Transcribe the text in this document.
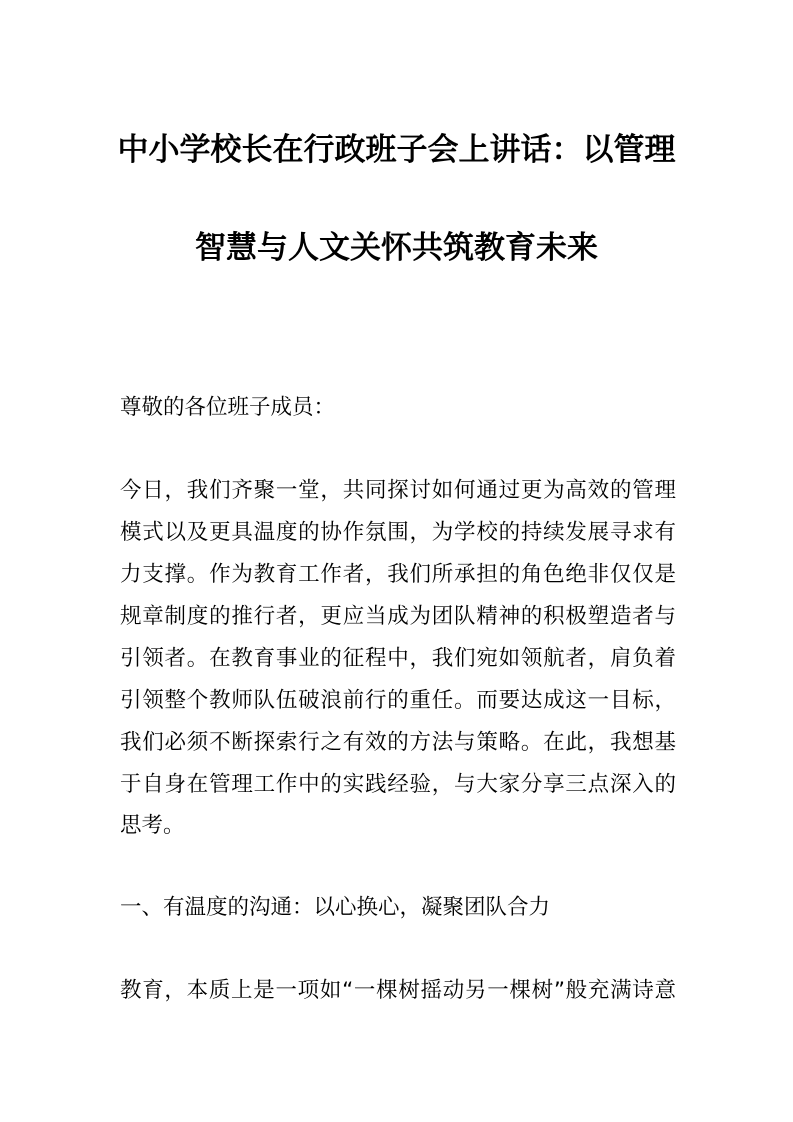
中小学校长在行政班子会上讲话：以管理
智慧与人文关怀共筑教育未来
尊敬的各位班子成员：
今日，我们齐聚一堂，共同探讨如何通过更为高效的管理
模式以及更具温度的协作氛围，为学校的持续发展寻求有
力支撑。作为教育工作者，我们所承担的角色绝非仅仅是
规章制度的推行者，更应当成为团队精神的积极塑造者与
引领者。在教育事业的征程中，我们宛如领航者，肩负着
引领整个教师队伍破浪前行的重任。而要达成这一目标，
我们必须不断探索行之有效的方法与策略。在此，我想基
于自身在管理工作中的实践经验，与大家分享三点深入的
思考。
一、有温度的沟通：以心换心，凝聚团队合力
教育，本质上是一项如“一棵树摇动另一棵树”般充满诗意
